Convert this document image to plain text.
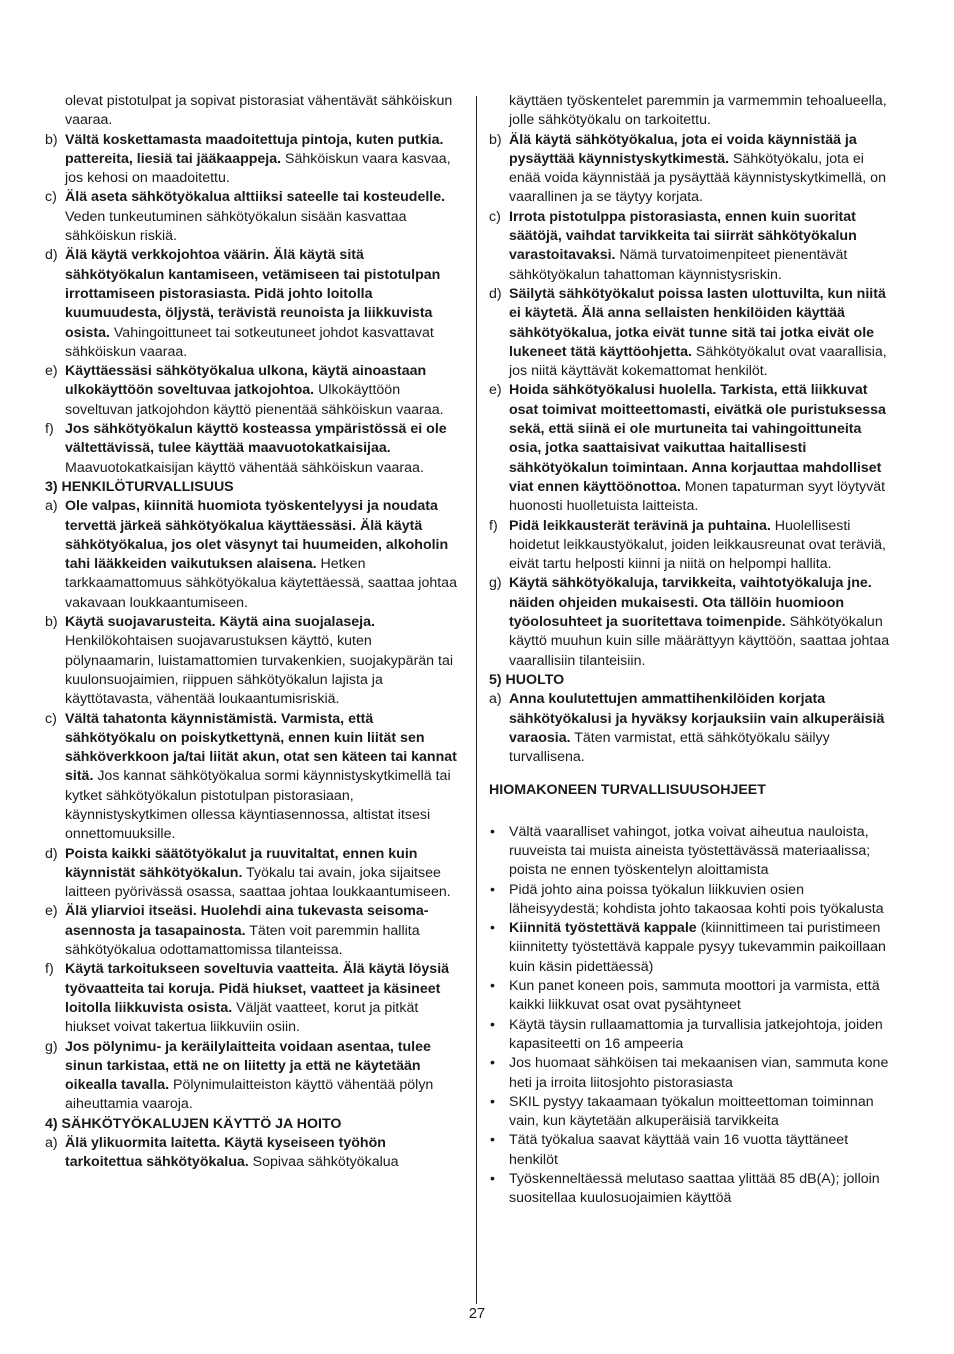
olevat pistotulpat ja sopivat pistorasiat vähentävät sähköiskun vaaraa.
b) Vältä koskettamasta maadoitettuja pintoja, kuten putkia. pattereita, liesiä tai jääkaappeja. Sähköiskun vaara kasvaa, jos kehosi on maadoitettu.
c) Älä aseta sähkötyökalua alttiiksi sateelle tai kosteudelle. Veden tunkeutuminen sähkötyökalun sisään kasvattaa sähköiskun riskiä.
d) Älä käytä verkkojohtoa väärin. Älä käytä sitä sähkötyökalun kantamiseen, vetämiseen tai pistotulpan irrottamiseen pistorasiasta. Pidä johto loitolla kuumuudesta, öljystä, terävistä reunoista ja liikkuvista osista. Vahingoittuneet tai sotkeutuneet johdot kasvattavat sähköiskun vaaraa.
e) Käyttäessäsi sähkötyökalua ulkona, käytä ainoastaan ulkokäyttöön soveltuvaa jatkojohtoa. Ulkokäyttöön soveltuvan jatkojohdon käyttö pienentää sähköiskun vaaraa.
f) Jos sähkötyökalun käyttö kosteassa ympäristössä ei ole vältettävissä, tulee käyttää maavuotokatkaisijaa. Maavuotokatkaisijan käyttö vähentää sähköiskun vaaraa.
3) HENKILÖTURVALLISUUS
a) Ole valpas, kiinnitä huomiota työskentelyysi ja noudata tervettä järkeä sähkötyökalua käyttäessäsi. Älä käytä sähkötyökalua, jos olet väsynyt tai huumeiden, alkoholin tahi lääkkeiden vaikutuksen alaisena. Hetken tarkkaamattomuus sähkötyökalua käytettäessä, saattaa johtaa vakavaan loukkaantumiseen.
b) Käytä suojavarusteita. Käytä aina suojalaseja. Henkilökohtaisen suojavarustuksen käyttö, kuten pölynaamarin, luistamattomien turvakenkien, suojakypärän tai kuulonsuojaimien, riippuen sähkötyökalun lajista ja käyttötavasta, vähentää loukaantumisriskiä.
c) Vältä tahatonta käynnistämistä. Varmista, että sähkötyökalu on poiskytkettynä, ennen kuin liität sen sähköverkkoon ja/tai liität akun, otat sen käteen tai kannat sitä. Jos kannat sähkötyökalua sormi käynnistyskytkimellä tai kytket sähkötyökalun pistotulpan pistorasiaan, käynnistyskytkimen ollessa käyntiasennossa, altistat itsesi onnettomuuksille.
d) Poista kaikki säätötyökalut ja ruuvitaltat, ennen kuin käynnistät sähkötyökalun. Työkalu tai avain, joka sijaitsee laitteen pyörivässä osassa, saattaa johtaa loukkaantumiseen.
e) Älä yliarvioi itseäsi. Huolehdi aina tukevasta seisoma-asennosta ja tasapainosta. Täten voit paremmin hallita sähkötyökalua odottamattomissa tilanteissa.
f) Käytä tarkoitukseen soveltuvia vaatteita. Älä käytä löysiä työvaatteita tai koruja. Pidä hiukset, vaatteet ja käsineet loitolla liikkuvista osista. Väljät vaatteet, korut ja pitkät hiukset voivat takertua liikkuviin osiin.
g) Jos pölynimu- ja keräilylaitteita voidaan asentaa, tulee sinun tarkistaa, että ne on liitetty ja että ne käytetään oikealla tavalla. Pölynimulaitteiston käyttö vähentää pölyn aiheuttamia vaaroja.
4) SÄHKÖTYÖKALUJEN KÄYTTÖ JA HOITO
a) Älä ylikuormita laitetta. Käytä kyseiseen työhön tarkoitettua sähkötyökalua. Sopivaa sähkötyökalua
käyttäen työskentelet paremmin ja varmemmin tehoalueella, jolle sähkötyökalu on tarkoitettu.
b) Älä käytä sähkötyökalua, jota ei voida käynnistää ja pysäyttää käynnistyskytkimestä. Sähkötyökalu, jota ei enää voida käynnistää ja pysäyttää käynnistyskytkimellä, on vaarallinen ja se täytyy korjata.
c) Irrota pistotulppa pistorasiasta, ennen kuin suoritat säätöjä, vaihdat tarvikkeita tai siirrät sähkötyökalun varastoitavaksi. Nämä turvatoimenpiteet pienentävät sähkötyökalun tahattoman käynnistysriskin.
d) Säilytä sähkötyökalut poissa lasten ulottuvilta, kun niitä ei käytetä. Älä anna sellaisten henkilöiden käyttää sähkötyökalua, jotka eivät tunne sitä tai jotka eivät ole lukeneet tätä käyttöohjetta. Sähkötyökalut ovat vaarallisia, jos niitä käyttävät kokemattomat henkilöt.
e) Hoida sähkötyökalusi huolella. Tarkista, että liikkuvat osat toimivat moitteettomasti, eivätkä ole puristuksessa sekä, että siinä ei ole murtuneita tai vahingoittuneita osia, jotka saattaisivat vaikuttaa haitallisesti sähkötyökalun toimintaan. Anna korjauttaa mahdolliset viat ennen käyttöönottoa. Monen tapaturman syyt löytyvät huonosti huolletuista laitteista.
f) Pidä leikkausterät terävinä ja puhtaina. Huolellisesti hoidetut leikkaustyökalut, joiden leikkausreunat ovat teräviä, eivät tartu helposti kiinni ja niitä on helpompi hallita.
g) Käytä sähkötyökaluja, tarvikkeita, vaihtotyökaluja jne. näiden ohjeiden mukaisesti. Ota tällöin huomioon työolosuhteet ja suoritettava toimenpide. Sähkötyökalun käyttö muuhun kuin sille määrättyyn käyttöön, saattaa johtaa vaarallisiin tilanteisiin.
5) HUOLTO
a) Anna koulutettujen ammattihenkilöiden korjata sähkötyökalusi ja hyväksy korjauksiin vain alkuperäisiä varaosia. Täten varmistat, että sähkötyökalu säilyy turvallisena.
HIOMAKONEEN TURVALLISUUSOHJEET
• Vältä vaaralliset vahingot, jotka voivat aiheutua nauloista, ruuveista tai muista aineista työstettävässä materiaalissa; poista ne ennen työskentelyn aloittamista
• Pidä johto aina poissa työkalun liikkuvien osien läheisyydestä; kohdista johto takaosaa kohti pois työkalusta
• Kiinnitä työstettävä kappale (kiinnittimeen tai puristimeen kiinnitetty työstettävä kappale pysyy tukevammin paikoillaan kuin käsin pidettäessä)
• Kun panet koneen pois, sammuta moottori ja varmista, että kaikki liikkuvat osat ovat pysähtyneet
• Käytä täysin rullaamattomia ja turvallisia jatkejohtoja, joiden kapasiteetti on 16 ampeeria
• Jos huomaat sähköisen tai mekaanisen vian, sammuta kone heti ja irroita liitosjohto pistorasiasta
• SKIL pystyy takaamaan työkalun moitteettoman toiminnan vain, kun käytetään alkuperäisiä tarvikkeita
• Tätä työkalua saavat käyttää vain 16 vuotta täyttäneet henkilöt
• Työskenneltäessä melutaso saattaa ylittää 85 dB(A); jolloin suositellaa kuulosuojaimien käyttöä
27
